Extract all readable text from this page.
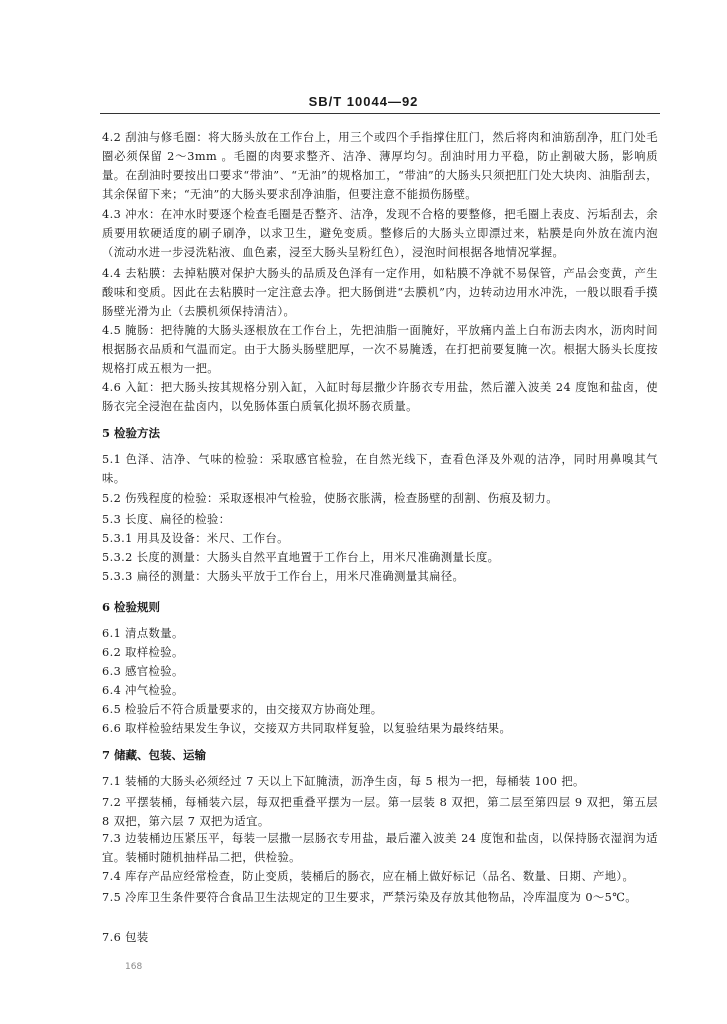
SB/T 10044—92

4.2 刮油与修毛圈：将大肠头放在工作台上，用三个或四个手指撑住肛门，然后将肉和油筋刮净，肛门处毛圈必须保留 2～3mm 。毛圈的肉要求整齐、洁净、薄厚均匀。刮油时用力平稳，防止割破大肠，影响质量。在刮油时要按出口要求“带油”、“无油”的规格加工，“带油”的大肠头只须把肛门处大块肉、油脂刮去，其余保留下来；“无油”的大肠头要求刮净油脂，但要注意不能损伤肠壁。

4.3 冲水：在冲水时要逐个检查毛圈是否整齐、洁净，发现不合格的要整修，把毛圈上表皮、污垢刮去，余质要用软硬适度的刷子刷净，以求卫生，避免变质。整修后的大肠头立即漂过来，粘膜是向外放在流内泡（流动水进一步浸洗粘液、血色素，浸至大肠头呈粉红色），浸泡时间根据各地情况掌握。

4.4 去粘膜：去掉粘膜对保护大肠头的品质及色泽有一定作用，如粘膜不净就不易保管，产品会变黄，产生酸味和变质。因此在去粘膜时一定注意去净。把大肠倒进“去膜机”内，边转动边用水冲洗，一般以眼看手摸肠壁光滑为止（去膜机须保持清洁）。

4.5 腌肠：把待腌的大肠头逐根放在工作台上，先把油脂一面腌好，平放痛内盖上白布沥去肉水，沥肉时间根据肠衣品质和气温而定。由于大肠头肠壁肥厚，一次不易腌透，在打把前要复腌一次。根据大肠头长度按规格打成五根为一把。

4.6 入缸：把大肠头按其规格分别入缸，入缸时每层撒少许肠衣专用盐，然后灌入波美 24 度饱和盐卤，使肠衣完全浸泡在盐卤内，以免肠体蛋白质氧化损坏肠衣质量。

5 检验方法

5.1 色泽、洁净、气味的检验：采取感官检验，在自然光线下，查看色泽及外观的洁净，同时用鼻嗅其气味。

5.2 伤残程度的检验：采取逐根冲气检验，使肠衣胀满，检查肠壁的刮割、伤痕及韧力。

5.3 长度、扁径的检验：

5.3.1 用具及设备：米尺、工作台。

5.3.2 长度的测量：大肠头自然平直地置于工作台上，用米尺准确测量长度。

5.3.3 扁径的测量：大肠头平放于工作台上，用米尺准确测量其扁径。

6 检验规则

6.1 清点数量。

6.2 取样检验。

6.3 感官检验。

6.4 冲气检验。

6.5 检验后不符合质量要求的，由交接双方协商处理。

6.6 取样检验结果发生争议，交接双方共同取样复验，以复验结果为最终结果。

7 储藏、包装、运输

7.1 装桶的大肠头必须经过 7 天以上下缸腌渍，沥净生卤，每 5 根为一把，每桶装 100 把。

7.2 平摆装桶，每桶装六层，每双把重叠平摆为一层。第一层装 8 双把，第二层至第四层 9 双把，第五层 8 双把，第六层 7 双把为适宜。

7.3 边装桶边压紧压平，每装一层撒一层肠衣专用盐，最后灌入波美 24 度饱和盐卤，以保持肠衣湿润为适宜。装桶时随机抽样品二把，供检验。

7.4 库存产品应经常检查，防止变质，装桶后的肠衣，应在桶上做好标记（品名、数量、日期、产地）。

7.5 冷库卫生条件要符合食品卫生法规定的卫生要求，严禁污染及存放其他物品，冷库温度为 0～5℃。

7.6 包装

168
